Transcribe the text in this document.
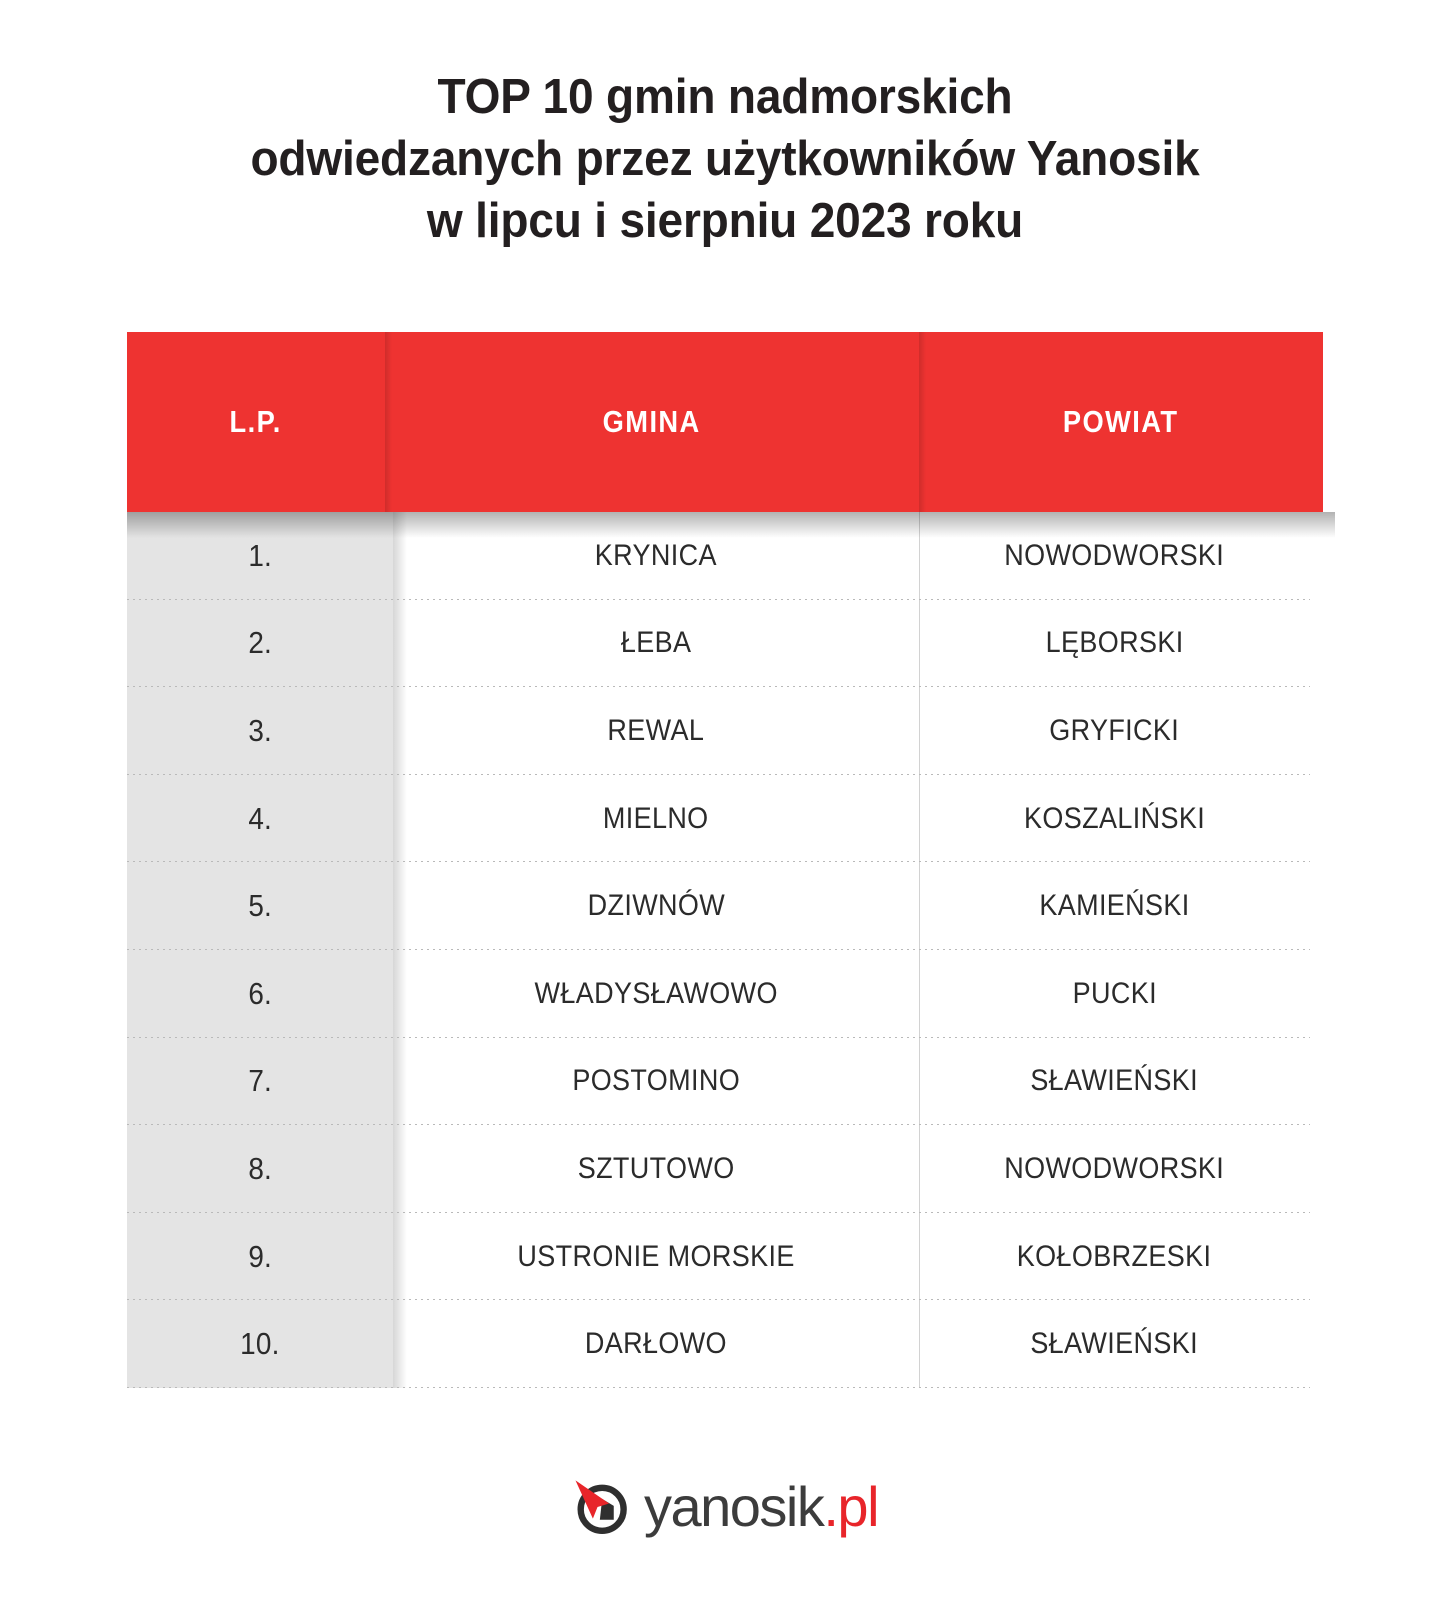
TOP 10 gmin nadmorskich
odwiedzanych przez użytkowników Yanosik
w lipcu i sierpniu 2023 roku
L.P.	GMINA	POWIAT
1.	KRYNICA	NOWODWORSKI
2.	ŁEBA	LĘBORSKI
3.	REWAL	GRYFICKI
4.	MIELNO	KOSZALIŃSKI
5.	DZIWNÓW	KAMIEŃSKI
6.	WŁADYSŁAWOWO	PUCKI
7.	POSTOMINO	SŁAWIEŃSKI
8.	SZTUTOWO	NOWODWORSKI
9.	USTRONIE MORSKIE	KOŁOBRZESKI
10.	DARŁOWO	SŁAWIEŃSKI
yanosik.pl
